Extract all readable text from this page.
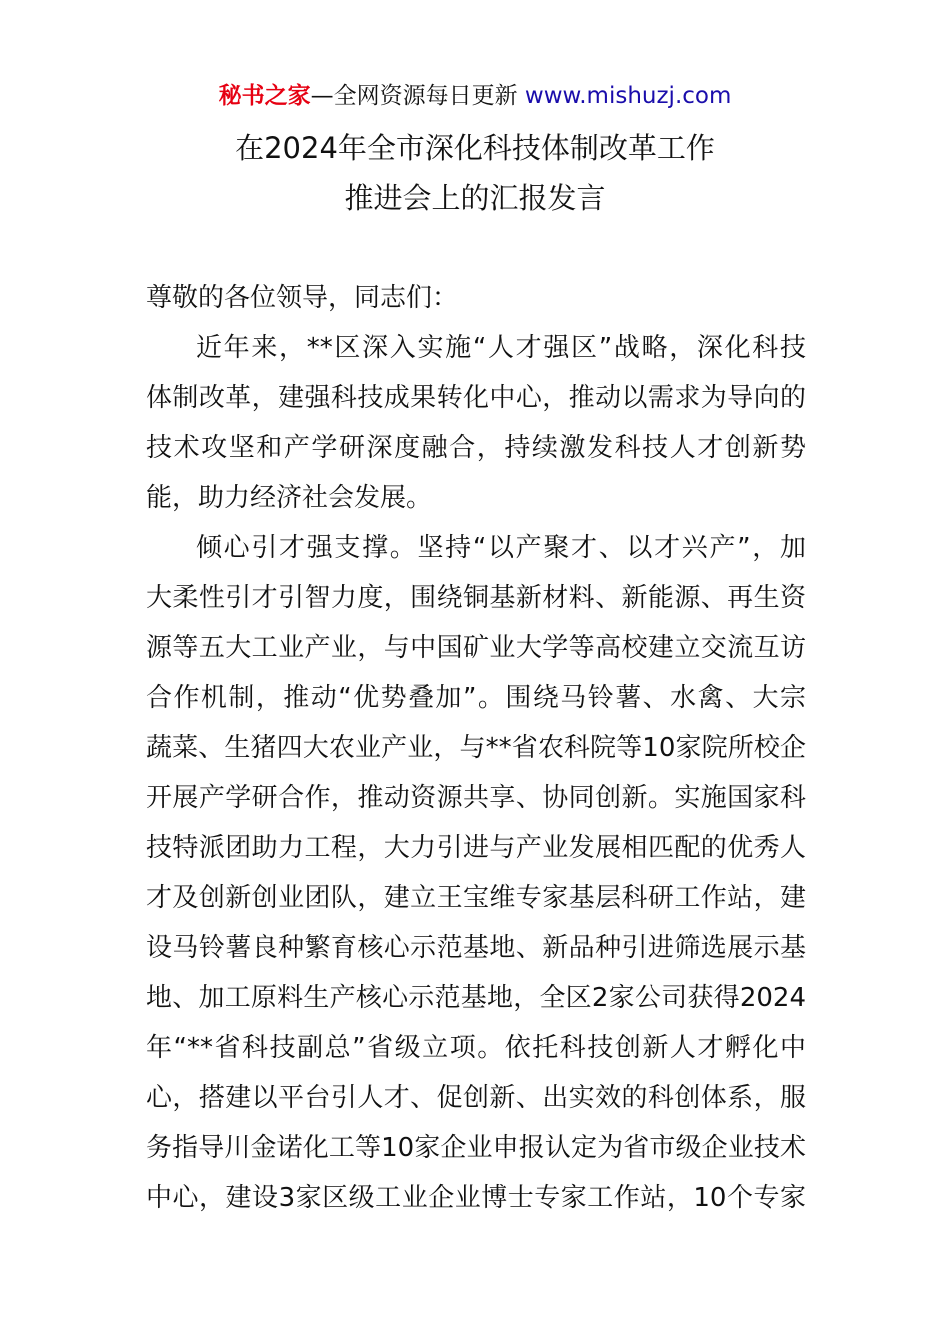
秘书之家—全网资源每日更新 www.mishuzj.com
在2024年全市深化科技体制改革工作
推进会上的汇报发言
尊敬的各位领导，同志们：
近年来，**区深入实施“人才强区”战略，深化科技
体制改革，建强科技成果转化中心，推动以需求为导向的
技术攻坚和产学研深度融合，持续激发科技人才创新势
能，助力经济社会发展。
倾心引才强支撑。坚持“以产聚才、以才兴产”，加
大柔性引才引智力度，围绕铜基新材料、新能源、再生资
源等五大工业产业，与中国矿业大学等高校建立交流互访
合作机制，推动“优势叠加”。围绕马铃薯、水禽、大宗
蔬菜、生猪四大农业产业，与**省农科院等10家院所校企
开展产学研合作，推动资源共享、协同创新。实施国家科
技特派团助力工程，大力引进与产业发展相匹配的优秀人
才及创新创业团队，建立王宝维专家基层科研工作站，建
设马铃薯良种繁育核心示范基地、新品种引进筛选展示基
地、加工原料生产核心示范基地，全区2家公司获得2024
年“**省科技副总”省级立项。依托科技创新人才孵化中
心，搭建以平台引人才、促创新、出实效的科创体系，服
务指导川金诺化工等10家企业申报认定为省市级企业技术
中心，建设3家区级工业企业博士专家工作站，10个专家
